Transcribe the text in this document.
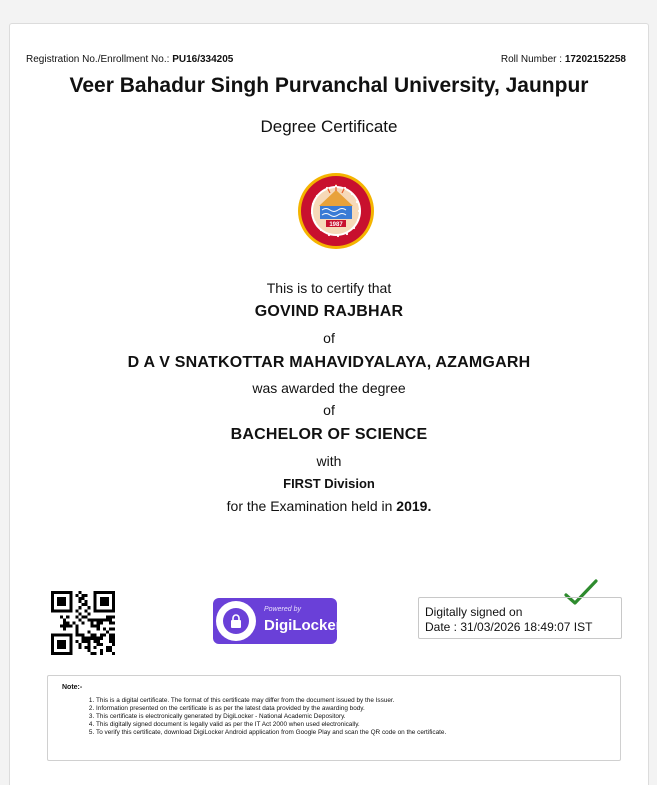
Registration No./Enrollment No.: PU16/334205	Roll Number : 17202152258
Veer Bahadur Singh Purvanchal University, Jaunpur
Degree Certificate
1987
This is to certify that
GOVIND RAJBHAR
of
D A V SNATKOTTAR MAHAVIDYALAYA, AZAMGARH
was awarded the degree
of
BACHELOR OF SCIENCE
with
FIRST Division
for the Examination held in 2019.
Powered by
DigiLocker
Digitally signed on
Date : 31/03/2026 18:49:07 IST
Note:-
1. This is a digital certificate. The format of this certificate may differ from the document issued by the Issuer.
2. Information presented on the certificate is as per the latest data provided by the awarding body.
3. This certificate is electronically generated by DigiLocker - National Academic Depository.
4. This digitally signed document is legally valid as per the IT Act 2000 when used electronically.
5. To verify this certificate, download DigiLocker Android application from Google Play and scan the QR code on the certificate.
